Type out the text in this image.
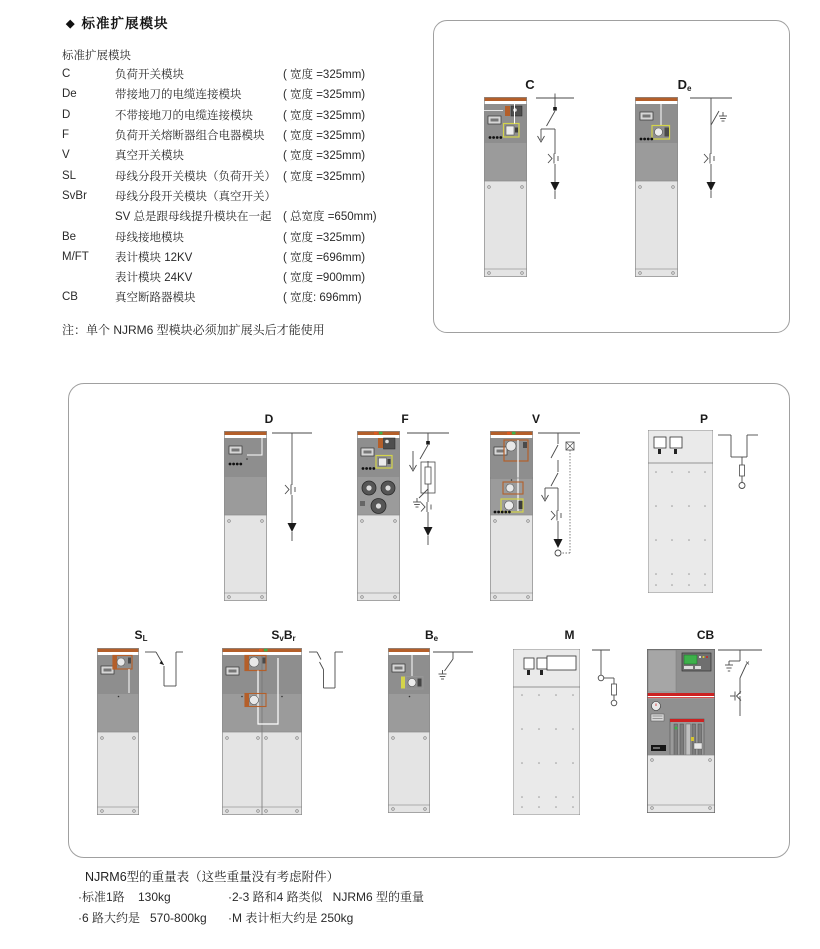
◆ 标准扩展模块
标准扩展模块
C	负荷开关模块	( 宽度 =325mm)
De	带接地刀的电缆连接模块	( 宽度 =325mm)
D	不带接地刀的电缆连接模块	( 宽度 =325mm)
F	负荷开关熔断器组合电器模块	( 宽度 =325mm)
V	真空开关模块	( 宽度 =325mm)
SL	母线分段开关模块（负荷开关） ( 宽度 =325mm)
SvBr	母线分段开关模块（真空开关）
SV 总是跟母线提升模块在一起 ( 总宽度 =650mm)
Be	母线接地模块	( 宽度 =325mm)
M/FT	表计模块 12KV	( 宽度 =696mm)
表计模块 24KV	( 宽度 =900mm)
CB	真空断路器模块	( 宽度: 696mm)
注：单个 NJRM6 型模块必须加扩展头后才能使用
C	$D_e$
D	F	V	P
$S_L$	$S_vB_r$	$B_e$	M	CB
NJRM6型的重量表（这些重量没有考虑附件）
·标准1路    130kg	·2-3 路和4 路类似   NJRM6 型的重量
·6 路大约是   570-800kg ·M 表计柜大约是 250kg
